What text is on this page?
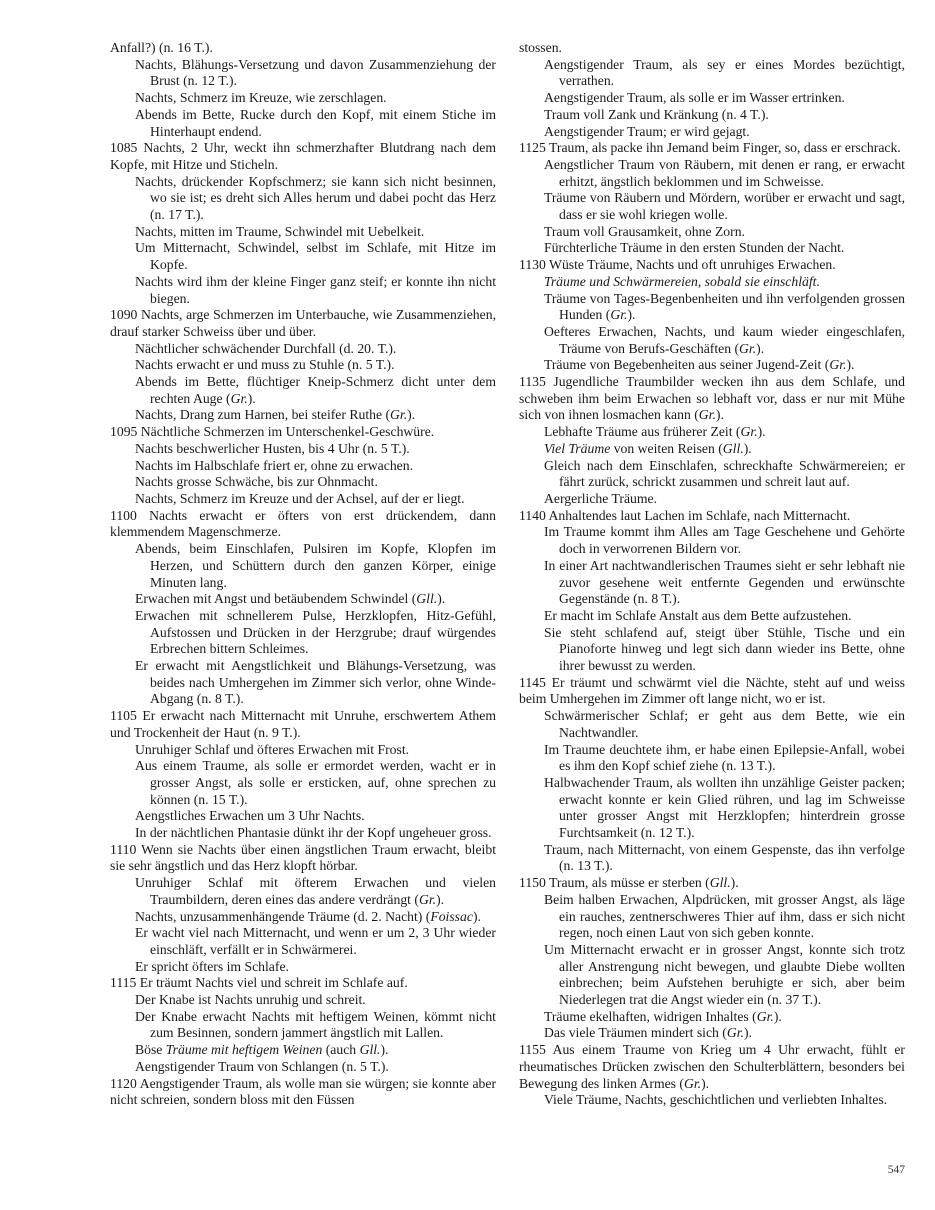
Anfall?) (n. 16 T.).

Nachts, Blähungs-Versetzung und davon Zusammenziehung der Brust (n. 12 T.).

Nachts, Schmerz im Kreuze, wie zerschlagen.

Abends im Bette, Rucke durch den Kopf, mit einem Stiche im Hinterhaupt endend.

1085 Nachts, 2 Uhr, weckt ihn schmerzhafter Blutdrang nach dem Kopfe, mit Hitze und Sticheln.

Nachts, drückender Kopfschmerz; sie kann sich nicht besinnen, wo sie ist; es dreht sich Alles herum und dabei pocht das Herz (n. 17 T.).

Nachts, mitten im Traume, Schwindel mit Uebelkeit.

Um Mitternacht, Schwindel, selbst im Schlafe, mit Hitze im Kopfe.

Nachts wird ihm der kleine Finger ganz steif; er konnte ihn nicht biegen.

1090 Nachts, arge Schmerzen im Unterbauche, wie Zusammenziehen, drauf starker Schweiss über und über.

Nächtlicher schwächender Durchfall (d. 20. T.).

Nachts erwacht er und muss zu Stuhle (n. 5 T.).

Abends im Bette, flüchtiger Kneip-Schmerz dicht unter dem rechten Auge (Gr.).

Nachts, Drang zum Harnen, bei steifer Ruthe (Gr.).

1095 Nächtliche Schmerzen im Unterschenkel-Geschwüre.

Nachts beschwerlicher Husten, bis 4 Uhr (n. 5 T.).

Nachts im Halbschlafe friert er, ohne zu erwachen.

Nachts grosse Schwäche, bis zur Ohnmacht.

Nachts, Schmerz im Kreuze und der Achsel, auf der er liegt.

1100 Nachts erwacht er öfters von erst drückendem, dann klemmendem Magenschmerze.

Abends, beim Einschlafen, Pulsiren im Kopfe, Klopfen im Herzen, und Schüttern durch den ganzen Körper, einige Minuten lang.

Erwachen mit Angst und betäubendem Schwindel (Gll.).

Erwachen mit schnellerem Pulse, Herzklopfen, Hitz-Gefühl, Aufstossen und Drücken in der Herzgrube; drauf würgendes Erbrechen bittern Schleimes.

Er erwacht mit Aengstlichkeit und Blähungs-Versetzung, was beides nach Umhergehen im Zimmer sich verlor, ohne Winde-Abgang (n. 8 T.).

1105 Er erwacht nach Mitternacht mit Unruhe, erschwertem Athem und Trockenheit der Haut (n. 9 T.).

Unruhiger Schlaf und öfteres Erwachen mit Frost.

Aus einem Traume, als solle er ermordet werden, wacht er in grosser Angst, als solle er ersticken, auf, ohne sprechen zu können (n. 15 T.).

Aengstliches Erwachen um 3 Uhr Nachts.

In der nächtlichen Phantasie dünkt ihr der Kopf ungeheuer gross.

1110 Wenn sie Nachts über einen ängstlichen Traum erwacht, bleibt sie sehr ängstlich und das Herz klopft hörbar.

Unruhiger Schlaf mit öfterem Erwachen und vielen Traumbildern, deren eines das andere verdrängt (Gr.).

Nachts, unzusammenhängende Träume (d. 2. Nacht) (Foissac).

Er wacht viel nach Mitternacht, und wenn er um 2, 3 Uhr wieder einschläft, verfällt er in Schwärmerei.

Er spricht öfters im Schlafe.

1115 Er träumt Nachts viel und schreit im Schlafe auf.

Der Knabe ist Nachts unruhig und schreit.

Der Knabe erwacht Nachts mit heftigem Weinen, kömmt nicht zum Besinnen, sondern jammert ängstlich mit Lallen.

Böse Träume mit heftigem Weinen (auch Gll.).

Aengstigender Traum von Schlangen (n. 5 T.).

1120 Aengstigender Traum, als wolle man sie würgen; sie konnte aber nicht schreien, sondern bloss mit den Füssen

stossen.

Aengstigender Traum, als sey er eines Mordes bezüchtigt, verrathen.

Aengstigender Traum, als solle er im Wasser ertrinken.

Traum voll Zank und Kränkung (n. 4 T.).

Aengstigender Traum; er wird gejagt.

1125 Traum, als packe ihn Jemand beim Finger, so, dass er erschrack.

Aengstlicher Traum von Räubern, mit denen er rang, er erwacht erhitzt, ängstlich beklommen und im Schweisse.

Träume von Räubern und Mördern, worüber er erwacht und sagt, dass er sie wohl kriegen wolle.

Traum voll Grausamkeit, ohne Zorn.

Fürchterliche Träume in den ersten Stunden der Nacht.

1130 Wüste Träume, Nachts und oft unruhiges Erwachen.

Träume und Schwärmereien, sobald sie einschläft.

Träume von Tages-Begenbenheiten und ihn verfolgenden grossen Hunden (Gr.).

Oefteres Erwachen, Nachts, und kaum wieder eingeschlafen, Träume von Berufs-Geschäften (Gr.).

Träume von Begebenheiten aus seiner Jugend-Zeit (Gr.).

1135 Jugendliche Traumbilder wecken ihn aus dem Schlafe, und schweben ihm beim Erwachen so lebhaft vor, dass er nur mit Mühe sich von ihnen losmachen kann (Gr.).

Lebhafte Träume aus früherer Zeit (Gr.).

Viel Träume von weiten Reisen (Gll.).

Gleich nach dem Einschlafen, schreckhafte Schwärmereien; er fährt zurück, schrickt zusammen und schreit laut auf.

Aergerliche Träume.

1140 Anhaltendes laut Lachen im Schlafe, nach Mitternacht.

Im Traume kommt ihm Alles am Tage Geschehene und Gehörte doch in verworrenen Bildern vor.

In einer Art nachtwandlerischen Traumes sieht er sehr lebhaft nie zuvor gesehene weit entfernte Gegenden und erwünschte Gegenstände (n. 8 T.).

Er macht im Schlafe Anstalt aus dem Bette aufzustehen.

Sie steht schlafend auf, steigt über Stühle, Tische und ein Pianoforte hinweg und legt sich dann wieder ins Bette, ohne ihrer bewusst zu werden.

1145 Er träumt und schwärmt viel die Nächte, steht auf und weiss beim Umhergehen im Zimmer oft lange nicht, wo er ist.

Schwärmerischer Schlaf; er geht aus dem Bette, wie ein Nachtwandler.

Im Traume deuchtete ihm, er habe einen Epilepsie-Anfall, wobei es ihm den Kopf schief ziehe (n. 13 T.).

Halbwachender Traum, als wollten ihn unzählige Geister packen; erwacht konnte er kein Glied rühren, und lag im Schweisse unter grosser Angst mit Herzklopfen; hinterdrein grosse Furchtsamkeit (n. 12 T.).

Traum, nach Mitternacht, von einem Gespenste, das ihn verfolge (n. 13 T.).

1150 Traum, als müsse er sterben (Gll.).

Beim halben Erwachen, Alpdrücken, mit grosser Angst, als läge ein rauches, zentnerschweres Thier auf ihm, dass er sich nicht regen, noch einen Laut von sich geben konnte.

Um Mitternacht erwacht er in grosser Angst, konnte sich trotz aller Anstrengung nicht bewegen, und glaubte Diebe wollten einbrechen; beim Aufstehen beruhigte er sich, aber beim Niederlegen trat die Angst wieder ein (n. 37 T.).

Träume ekelhaften, widrigen Inhaltes (Gr.).

Das viele Träumen mindert sich (Gr.).

1155 Aus einem Traume von Krieg um 4 Uhr erwacht, fühlt er rheumatisches Drücken zwischen den Schulterblättern, besonders bei Bewegung des linken Armes (Gr.).

Viele Träume, Nachts, geschichtlichen und verliebten Inhaltes.

547
